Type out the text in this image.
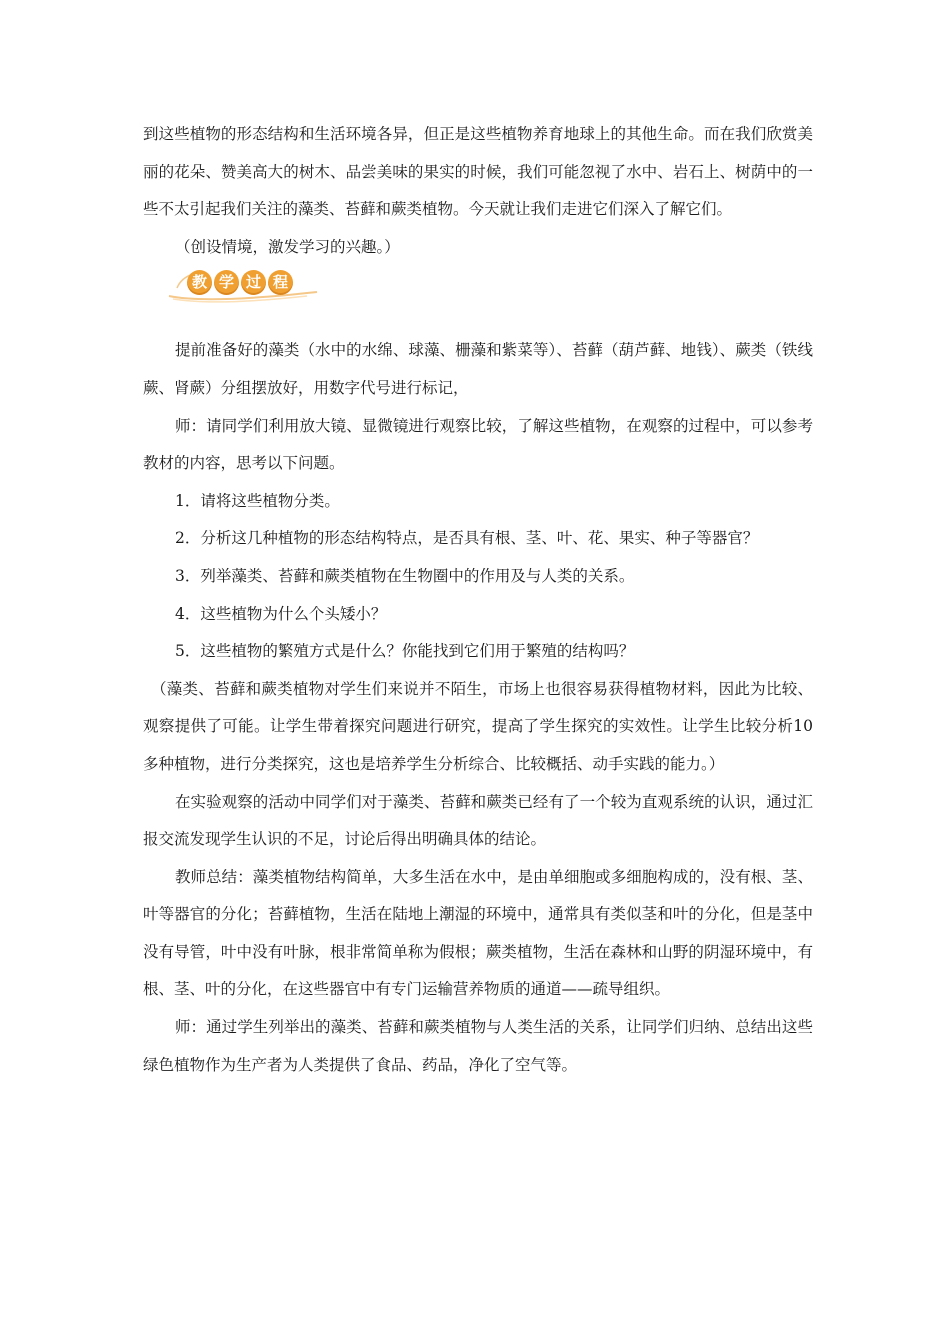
到这些植物的形态结构和生活环境各异，但正是这些植物养育地球上的其他生命。而在我们欣赏美丽的花朵、赞美高大的树木、品尝美味的果实的时候，我们可能忽视了水中、岩石上、树荫中的一些不太引起我们关注的藻类、苔藓和蕨类植物。今天就让我们走进它们深入了解它们。

（创设情境，激发学习的兴趣。）

教 学 过 程

提前准备好的藻类（水中的水绵、球藻、栅藻和紫菜等）、苔藓（葫芦藓、地钱）、蕨类（铁线蕨、肾蕨）分组摆放好，用数字代号进行标记，

师：请同学们利用放大镜、显微镜进行观察比较，了解这些植物，在观察的过程中，可以参考教材的内容，思考以下问题。

1．请将这些植物分类。

2．分析这几种植物的形态结构特点，是否具有根、茎、叶、花、果实、种子等器官？

3．列举藻类、苔藓和蕨类植物在生物圈中的作用及与人类的关系。

4．这些植物为什么个头矮小？

5．这些植物的繁殖方式是什么？你能找到它们用于繁殖的结构吗？

（藻类、苔藓和蕨类植物对学生们来说并不陌生，市场上也很容易获得植物材料，因此为比较、观察提供了可能。让学生带着探究问题进行研究，提高了学生探究的实效性。让学生比较分析10多种植物，进行分类探究，这也是培养学生分析综合、比较概括、动手实践的能力。）

在实验观察的活动中同学们对于藻类、苔藓和蕨类已经有了一个较为直观系统的认识，通过汇报交流发现学生认识的不足，讨论后得出明确具体的结论。

教师总结：藻类植物结构简单，大多生活在水中，是由单细胞或多细胞构成的，没有根、茎、叶等器官的分化；苔藓植物，生活在陆地上潮湿的环境中，通常具有类似茎和叶的分化，但是茎中没有导管，叶中没有叶脉，根非常简单称为假根；蕨类植物，生活在森林和山野的阴湿环境中，有根、茎、叶的分化，在这些器官中有专门运输营养物质的通道——疏导组织。

师：通过学生列举出的藻类、苔藓和蕨类植物与人类生活的关系，让同学们归纳、总结出这些绿色植物作为生产者为人类提供了食品、药品，净化了空气等。
